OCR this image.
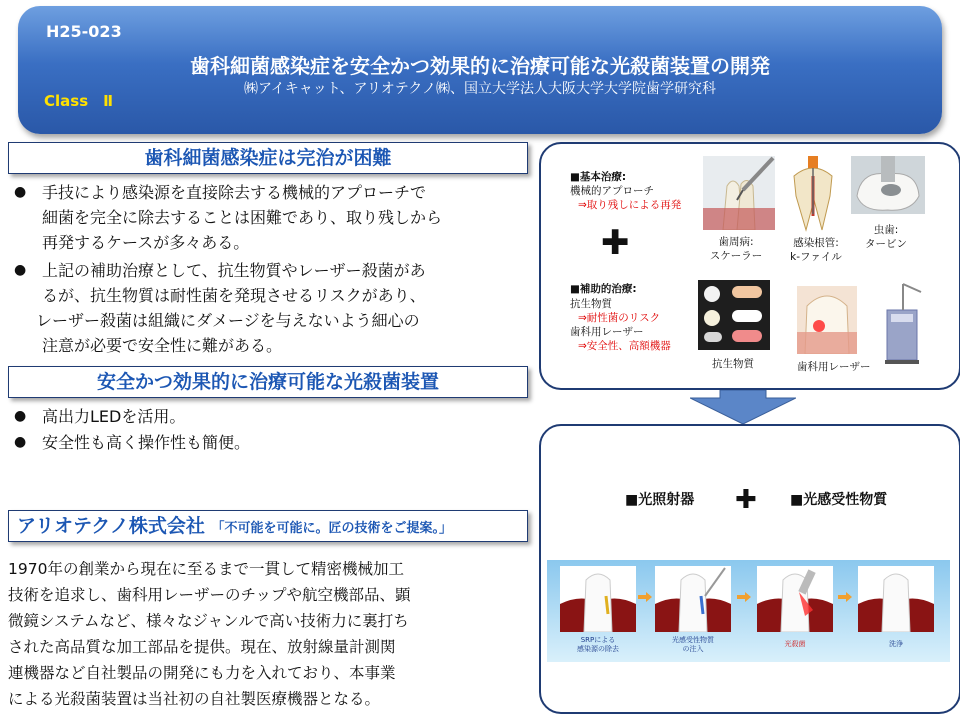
H25-023
歯科細菌感染症を安全かつ効果的に治療可能な光殺菌装置の開発
㈱アイキャット、アリオテクノ㈱、国立大学法人大阪大学大学院歯学研究科
Class　Ⅱ
歯科細菌感染症は完治が困難
● 手技により感染源を直接除去する機械的アプローチで
細菌を完全に除去することは困難であり、取り残しから
再発するケースが多々ある。
● 上記の補助治療として、抗生物質やレーザー殺菌があ
るが、抗生物質は耐性菌を発現させるリスクがあり、
レーザー殺菌は組織にダメージを与えないよう細心の
注意が必要で安全性に難がある。
安全かつ効果的に治療可能な光殺菌装置
● 高出力LEDを活用。
● 安全性も高く操作性も簡便。
アリオテクノ株式会社 「不可能を可能に。匠の技術をご提案。」
1970年の創業から現在に至るまで一貫して精密機械加工
技術を追求し、歯科用レーザーのチップや航空機部品、顕
微鏡システムなど、様々なジャンルで高い技術力に裏打ち
された高品質な加工部品を提供。現在、放射線量計測関
連機器など自社製品の開発にも力を入れており、本事業
による光殺菌装置は当社初の自社製医療機器となる。
■基本治療:
機械的アプローチ
⇒取り残しによる再発
✚
■補助的治療:
抗生物質
⇒耐性菌のリスク
歯科用レーザー
⇒安全性、高額機器
歯周病:
スケーラー
感染根管:
k-ファイル
虫歯:
タービン
抗生物質	歯科用レーザー
■光照射器 ✚ ■光感受性物質
SRPによる
感染源の除去
光感受性物質
の注入
光殺菌	洗浄
